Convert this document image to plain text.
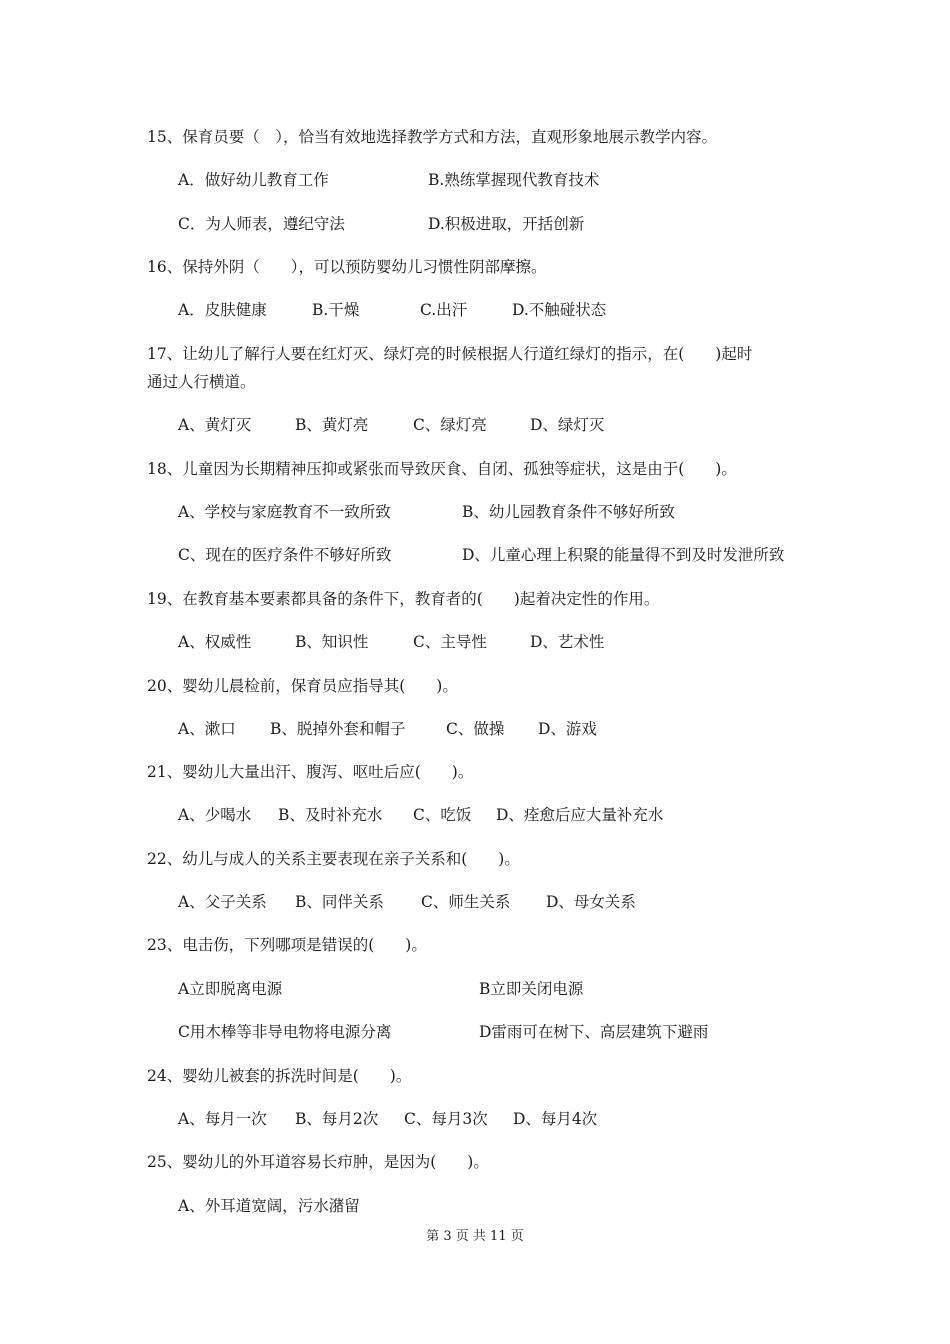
15、保育员要（　），恰当有效地选择教学方式和方法，直观形象地展示教学内容。
A．做好幼儿教育工作	B.熟练掌握现代教育技术
C．为人师表，遵纪守法	D.积极进取，开括创新
16、保持外阴（　　），可以预防婴幼儿习惯性阴部摩擦。
A．皮肤健康	B.干燥	C.出汗	D.不触碰状态
17、让幼儿了解行人要在红灯灭、绿灯亮的时候根据人行道红绿灯的指示，在(　　)起时
通过人行横道。
A、黄灯灭	B、黄灯亮	C、绿灯亮	D、绿灯灭
18、儿童因为长期精神压抑或紧张而导致厌食、自闭、孤独等症状，这是由于(　　)。
A、学校与家庭教育不一致所致	B、幼儿园教育条件不够好所致
C、现在的医疗条件不够好所致	D、儿童心理上积聚的能量得不到及时发泄所致
19、在教育基本要素都具备的条件下，教育者的(　　)起着决定性的作用。
A、权威性	B、知识性	C、主导性	D、艺术性
20、婴幼儿晨检前，保育员应指导其(　　)。
A、漱口 B、脱掉外套和帽子	C、做操 D、游戏
21、婴幼儿大量出汗、腹泻、呕吐后应(　　)。
A、少喝水 B、及时补充水 C、吃饭 D、痊愈后应大量补充水
22、幼儿与成人的关系主要表现在亲子关系和(　　)。
A、父子关系 B、同伴关系 C、师生关系 D、母女关系
23、电击伤，下列哪项是错误的(　　)。
A立即脱离电源	B立即关闭电源
C用木棒等非导电物将电源分离	D雷雨可在树下、高层建筑下避雨
24、婴幼儿被套的拆洗时间是(　　)。
A、每月一次 B、每月2次 C、每月3次 D、每月4次
25、婴幼儿的外耳道容易长疖肿，是因为(　　)。
A、外耳道宽阔，污水潴留
第 3 页 共 11 页
